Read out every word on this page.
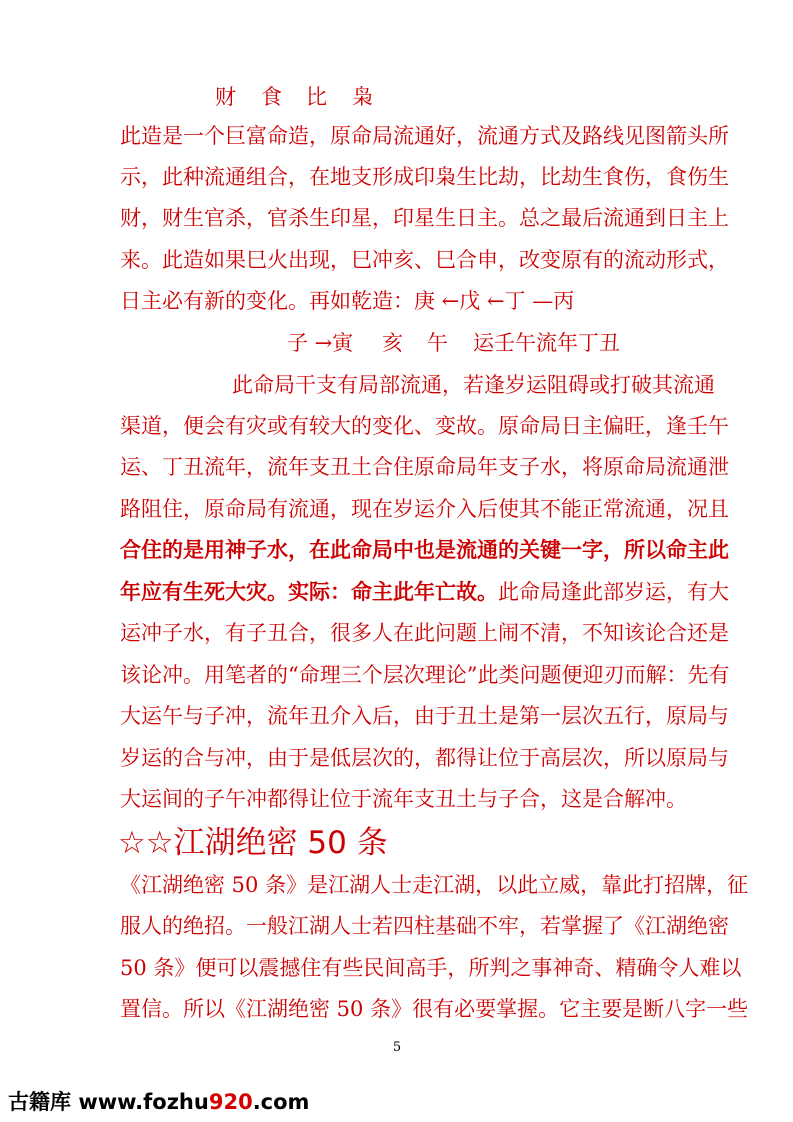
财 食 比 枭
此造是一个巨富命造，原命局流通好，流通方式及路线见图箭头所
示，此种流通组合，在地支形成印枭生比劫，比劫生食伤，食伤生
财，财生官杀，官杀生印星，印星生日主。总之最后流通到日主上
来。此造如果巳火出现，巳冲亥、巳合申，改变原有的流动形式，
日主必有新的变化。再如乾造：庚 ←戊 ←丁 —丙
子 →寅 亥 午 运壬午流年丁丑
此命局干支有局部流通，若逢岁运阻碍或打破其流通
渠道，便会有灾或有较大的变化、变故。原命局日主偏旺，逢壬午
运、丁丑流年，流年支丑土合住原命局年支子水，将原命局流通泄
路阻住，原命局有流通，现在岁运介入后使其不能正常流通，况且
合住的是用神子水，在此命局中也是流通的关键一字，所以命主此
年应有生死大灾。实际：命主此年亡故。此命局逢此部岁运，有大
运冲子水，有子丑合，很多人在此问题上闹不清，不知该论合还是
该论冲。用笔者的“命理三个层次理论”此类问题便迎刃而解：先有
大运午与子冲，流年丑介入后，由于丑土是第一层次五行，原局与
岁运的合与冲，由于是低层次的，都得让位于高层次，所以原局与
大运间的子午冲都得让位于流年支丑土与子合，这是合解冲。
☆☆江湖绝密 50 条
《江湖绝密 50 条》是江湖人士走江湖，以此立威，靠此打招牌，征
服人的绝招。一般江湖人士若四柱基础不牢，若掌握了《江湖绝密
50 条》便可以震撼住有些民间高手，所判之事神奇、精确令人难以
置信。所以《江湖绝密 50 条》很有必要掌握。它主要是断八字一些
5
古籍库 www.fozhu920.com
